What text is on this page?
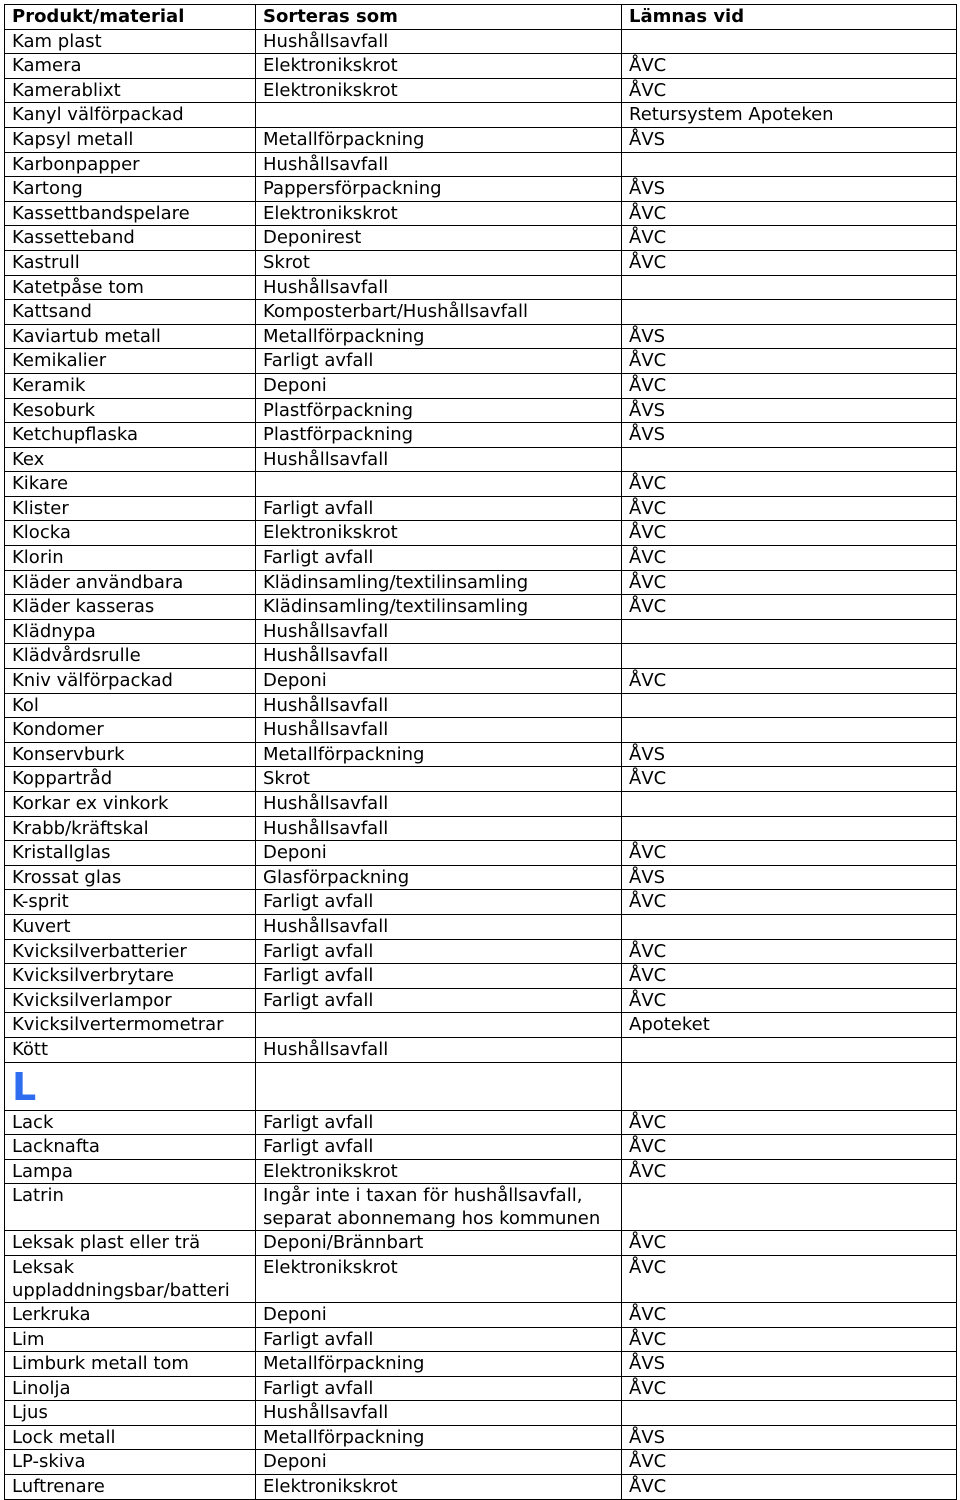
Produkt/material	Sorteras som	Lämnas vid
Kam plast	Hushållsavfall	
Kamera	Elektronikskrot	ÅVC
Kamerablixt	Elektronikskrot	ÅVC
Kanyl välförpackad		Retursystem Apoteken
Kapsyl metall	Metallförpackning	ÅVS
Karbonpapper	Hushållsavfall	
Kartong	Pappersförpackning	ÅVS
Kassettbandspelare	Elektronikskrot	ÅVC
Kassetteband	Deponirest	ÅVC
Kastrull	Skrot	ÅVC
Katetpåse tom	Hushållsavfall	
Kattsand	Komposterbart/Hushållsavfall	
Kaviartub metall	Metallförpackning	ÅVS
Kemikalier	Farligt avfall	ÅVC
Keramik	Deponi	ÅVC
Kesoburk	Plastförpackning	ÅVS
Ketchupflaska	Plastförpackning	ÅVS
Kex	Hushållsavfall	
Kikare		ÅVC
Klister	Farligt avfall	ÅVC
Klocka	Elektronikskrot	ÅVC
Klorin	Farligt avfall	ÅVC
Kläder användbara	Klädinsamling/textilinsamling	ÅVC
Kläder kasseras	Klädinsamling/textilinsamling	ÅVC
Klädnypa	Hushållsavfall	
Klädvårdsrulle	Hushållsavfall	
Kniv välförpackad	Deponi	ÅVC
Kol	Hushållsavfall	
Kondomer	Hushållsavfall	
Konservburk	Metallförpackning	ÅVS
Koppartråd	Skrot	ÅVC
Korkar ex vinkork	Hushållsavfall	
Krabb/kräftskal	Hushållsavfall	
Kristallglas	Deponi	ÅVC
Krossat glas	Glasförpackning	ÅVS
K-sprit	Farligt avfall	ÅVC
Kuvert	Hushållsavfall	
Kvicksilverbatterier	Farligt avfall	ÅVC
Kvicksilverbrytare	Farligt avfall	ÅVC
Kvicksilverlampor	Farligt avfall	ÅVC
Kvicksilvertermometrar		Apoteket
Kött	Hushållsavfall	

L		

Lack	Farligt avfall	ÅVC
Lacknafta	Farligt avfall	ÅVC
Lampa	Elektronikskrot	ÅVC
Latrin	Ingår inte i taxan för hushållsavfall, separat abonnemang hos kommunen	
Leksak plast eller trä	Deponi/Brännbart	ÅVC
Leksak uppladdningsbar/batteri	Elektronikskrot	ÅVC
Lerkruka	Deponi	ÅVC
Lim	Farligt avfall	ÅVC
Limburk metall tom	Metallförpackning	ÅVS
Linolja	Farligt avfall	ÅVC
Ljus	Hushållsavfall	
Lock metall	Metallförpackning	ÅVS
LP-skiva	Deponi	ÅVC
Luftrenare	Elektronikskrot	ÅVC
